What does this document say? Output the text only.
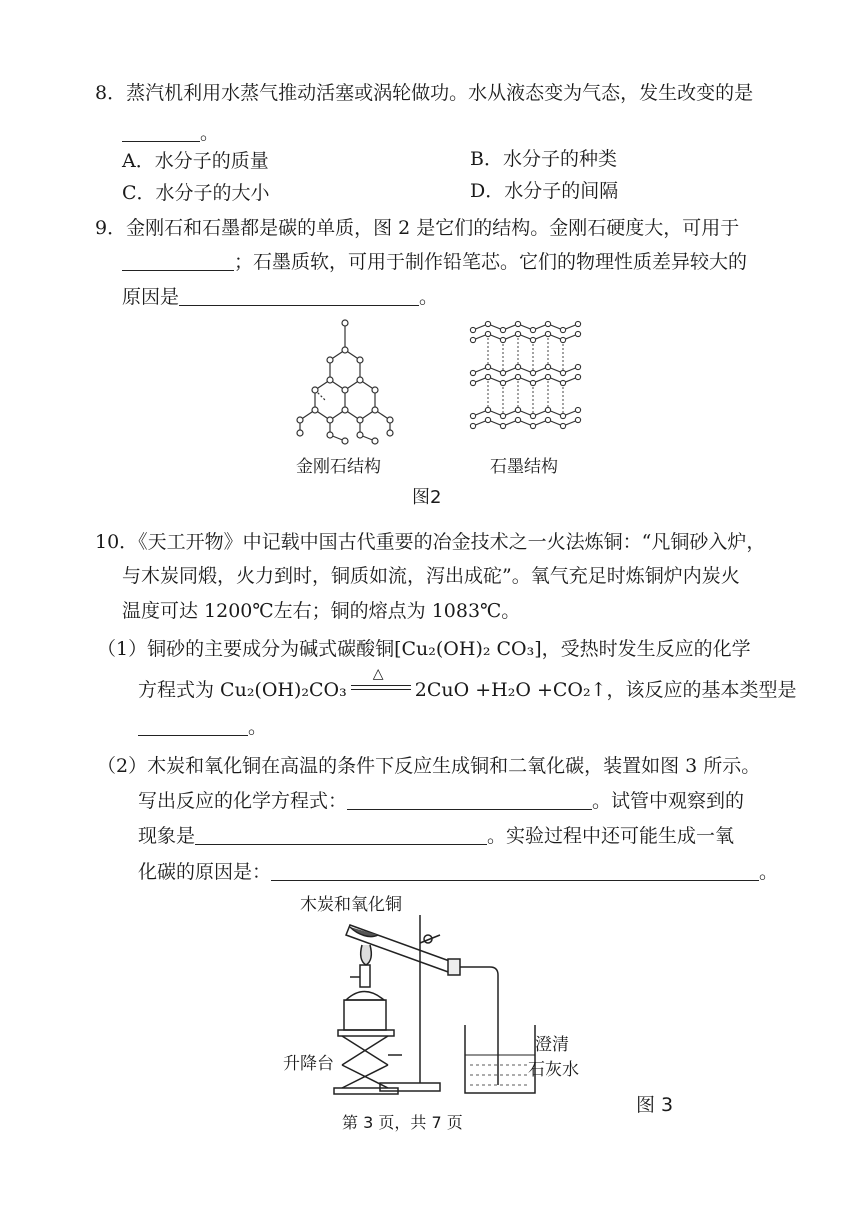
8．蒸汽机利用水蒸气推动活塞或涡轮做功。水从液态变为气态，发生改变的是
。
A．水分子的质量	B．水分子的种类
C．水分子的大小	D．水分子的间隔
9．金刚石和石墨都是碳的单质，图 2 是它们的结构。金刚石硬度大，可用于
；石墨质软，可用于制作铅笔芯。它们的物理性质差异较大的
原因是	。
金刚石结构	石墨结构
图2
10．《天工开物》中记载中国古代重要的冶金技术之一火法炼铜：“凡铜砂入炉，
与木炭同煅，火力到时，铜质如流，泻出成砣”。氧气充足时炼铜炉内炭火
温度可达 1200℃左右；铜的熔点为 1083℃。
（1）铜砂的主要成分为碱式碳酸铜[Cu₂(OH)₂ CO₃]，受热时发生反应的化学
方程式为 Cu₂(OH)₂CO₃
△
2CuO +H₂O +CO₂↑，该反应的基本类型是
。
（2）木炭和氧化铜在高温的条件下反应生成铜和二氧化碳，装置如图 3 所示。
写出反应的化学方程式：	。试管中观察到的
现象是	。实验过程中还可能生成一氧
化碳的原因是：	。
木炭和氧化铜
升降台
澄清
石灰水
图 3
第 3 页，共 7 页
